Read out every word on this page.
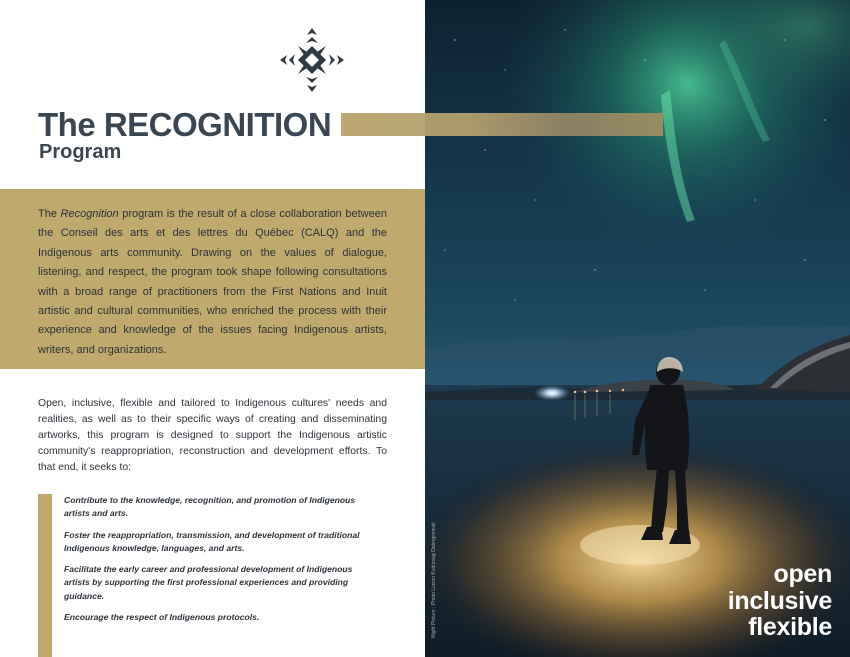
The RECOGNITION
Program

The Recognition program is the result of a close collaboration between the Conseil des arts et des lettres du Québec (CALQ) and the Indigenous arts community. Drawing on the values of dialogue, listening, and respect, the program took shape following consultations with a broad range of practitioners from the First Nations and Inuit artistic and cultural communities, who enriched the process with their experience and knowledge of the issues facing Indigenous artists, writers, and organizations.

Open, inclusive, flexible and tailored to Indigenous cultures' needs and realities, as well as to their specific ways of creating and disseminating artworks, this program is designed to support the Indigenous artistic community's reappropriation, reconstruction and development efforts. To that end, it seeks to:

Contribute to the knowledge, recognition, and promotion of Indigenous artists and arts.
Foster the reappropriation, transmission, and development of traditional Indigenous knowledge, languages, and arts.
Facilitate the early career and professional development of Indigenous artists by supporting the first professional experiences and providing guidance.
Encourage the respect of Indigenous protocols.	Night Picture : Photo Lucien Kuduniag Ooterginmiak	open
inclusive
flexible
